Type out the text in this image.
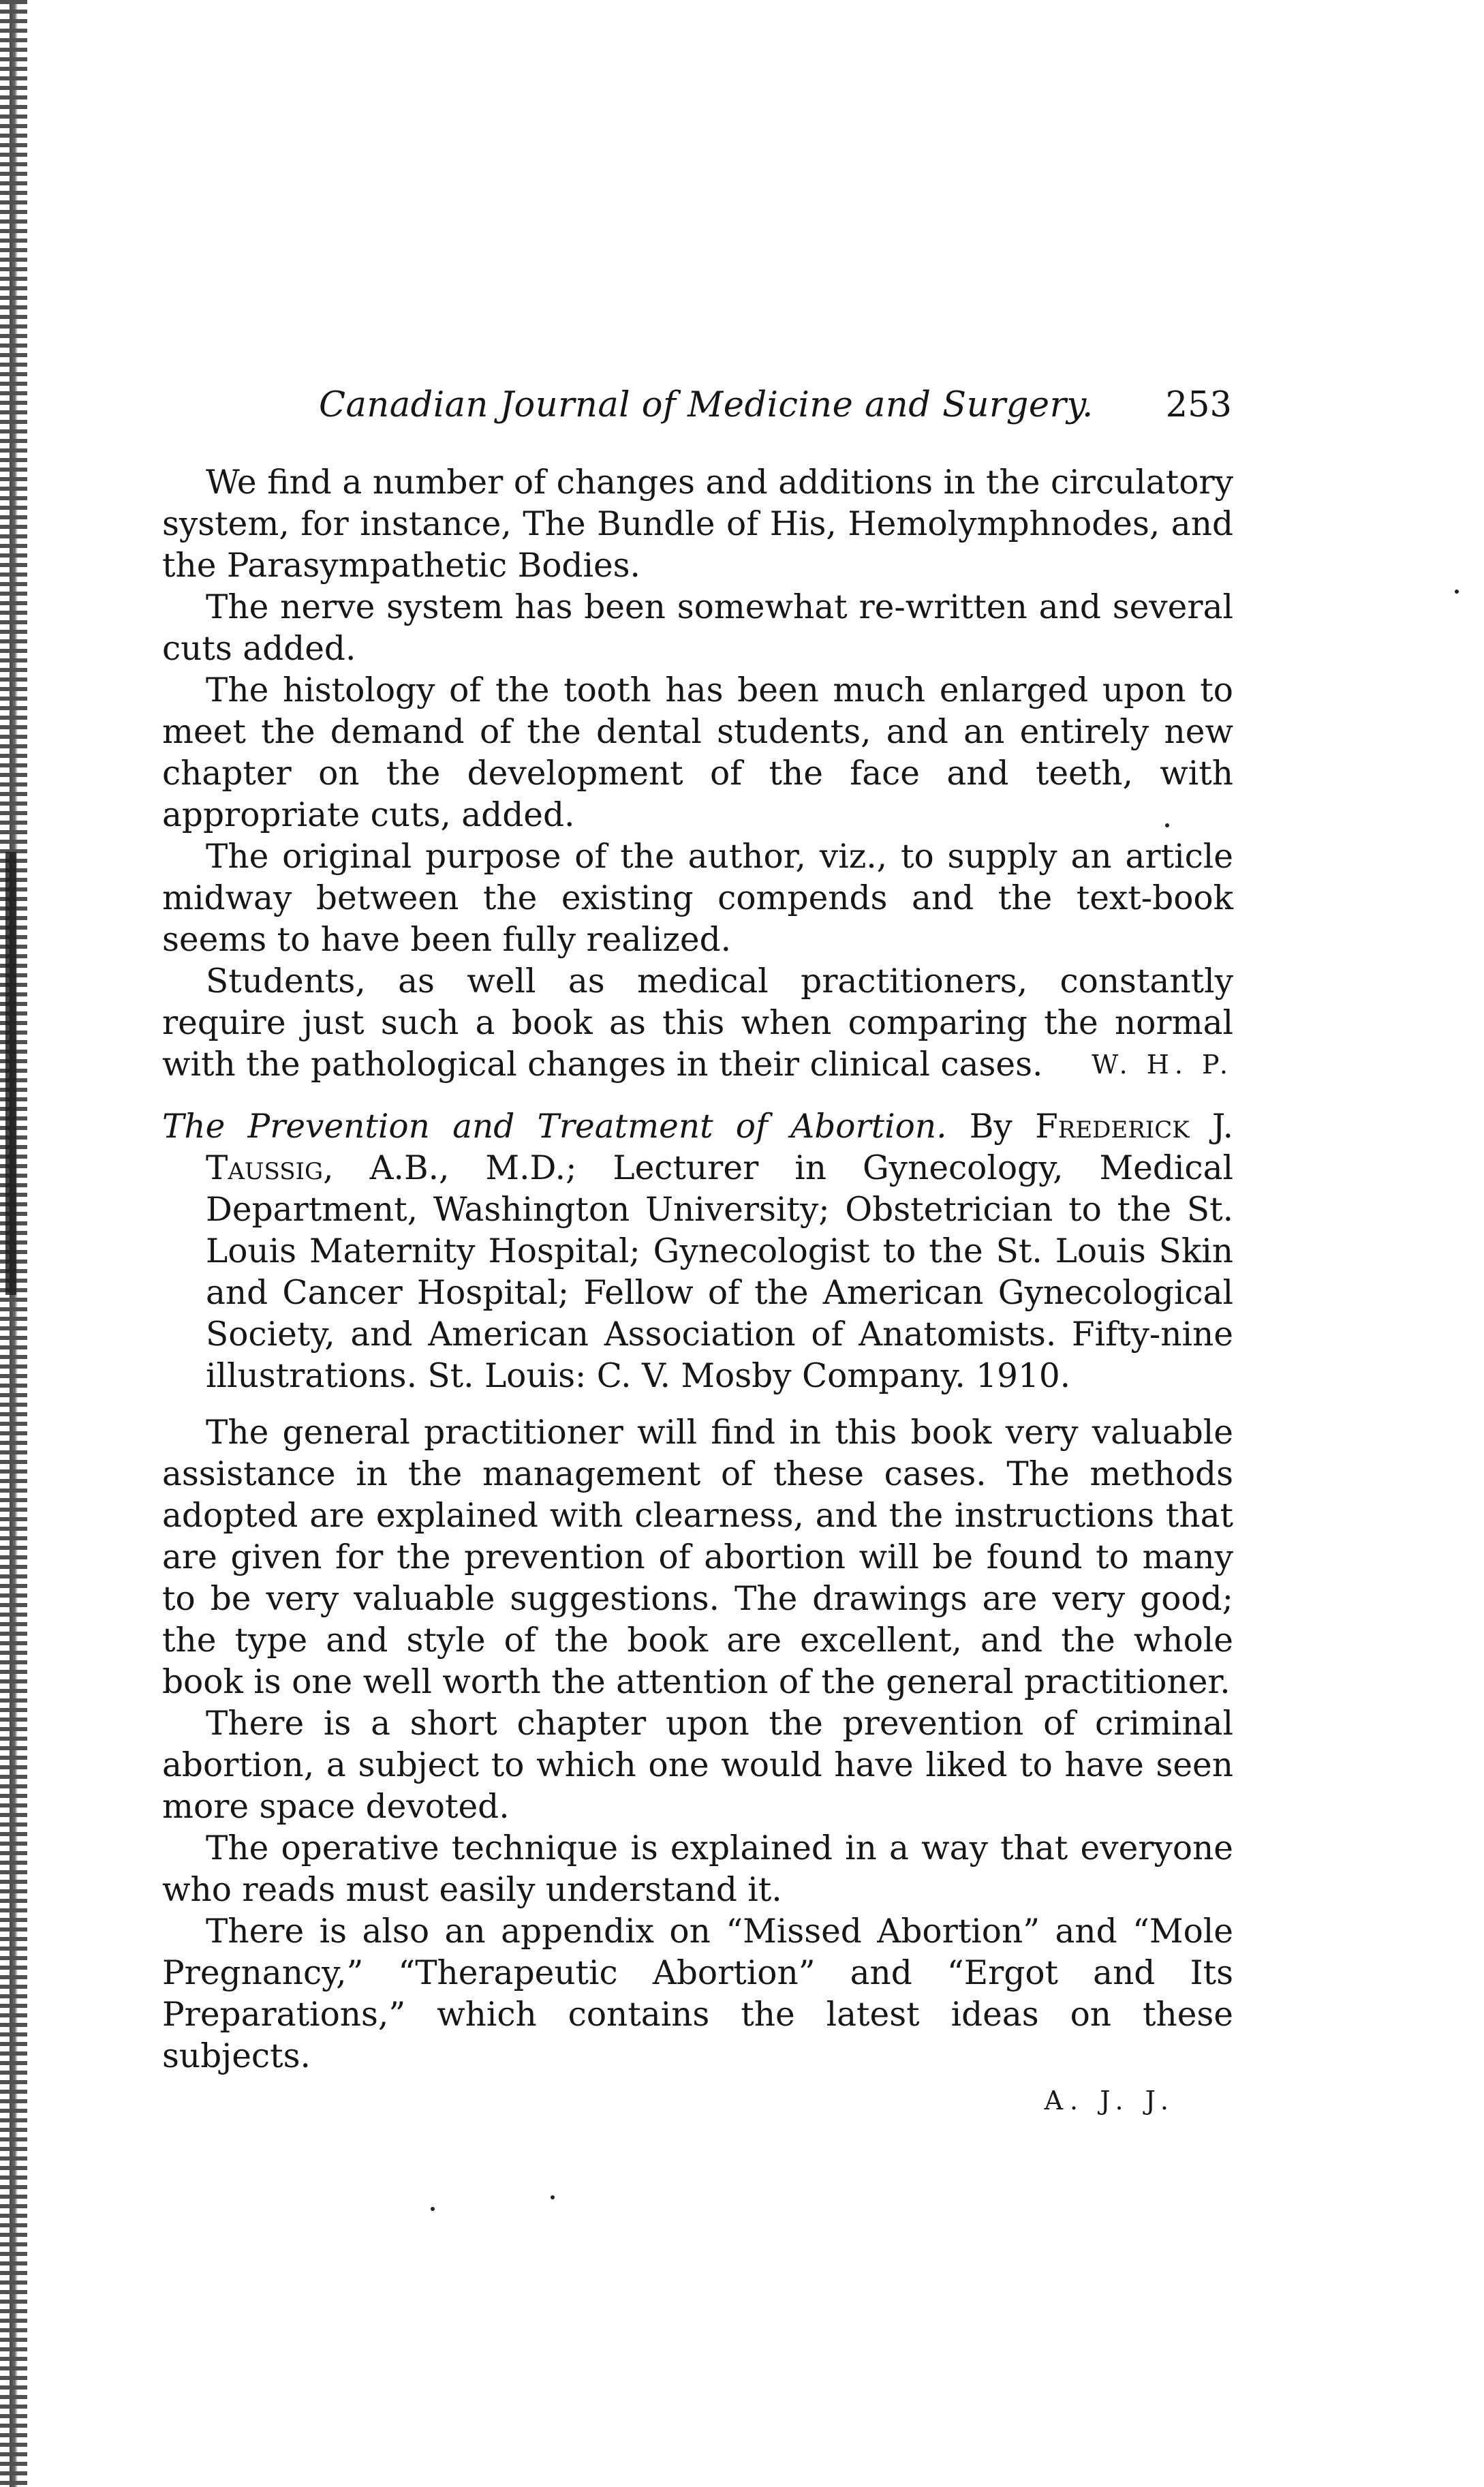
Canadian Journal of Medicine and Surgery. 253

We find a number of changes and additions in the circulatory system, for instance, The Bundle of His, Hemolymphnodes, and the Parasympathetic Bodies.

The nerve system has been somewhat re-written and several cuts added.

The histology of the tooth has been much enlarged upon to meet the demand of the dental students, and an entirely new chapter on the development of the face and teeth, with appropriate cuts, added.

The original purpose of the author, viz., to supply an article midway between the existing compends and the text-book seems to have been fully realized.

Students, as well as medical practitioners, constantly require just such a book as this when comparing the normal with the pathological changes in their clinical cases. W. H. P.

The Prevention and Treatment of Abortion. By Frederick J. Taussig, A.B., M.D.; Lecturer in Gynecology, Medical Department, Washington University; Obstetrician to the St. Louis Maternity Hospital; Gynecologist to the St. Louis Skin and Cancer Hospital; Fellow of the American Gynecological Society, and American Association of Anatomists. Fifty-nine illustrations. St. Louis: C. V. Mosby Company. 1910.

The general practitioner will find in this book very valuable assistance in the management of these cases. The methods adopted are explained with clearness, and the instructions that are given for the prevention of abortion will be found to many to be very valuable suggestions. The drawings are very good; the type and style of the book are excellent, and the whole book is one well worth the attention of the general practitioner.

There is a short chapter upon the prevention of criminal abortion, a subject to which one would have liked to have seen more space devoted.

The operative technique is explained in a way that everyone who reads must easily understand it.

There is also an appendix on “Missed Abortion” and “Mole Pregnancy,” “Therapeutic Abortion” and “Ergot and Its Preparations,” which contains the latest ideas on these subjects.

A. J. J.
